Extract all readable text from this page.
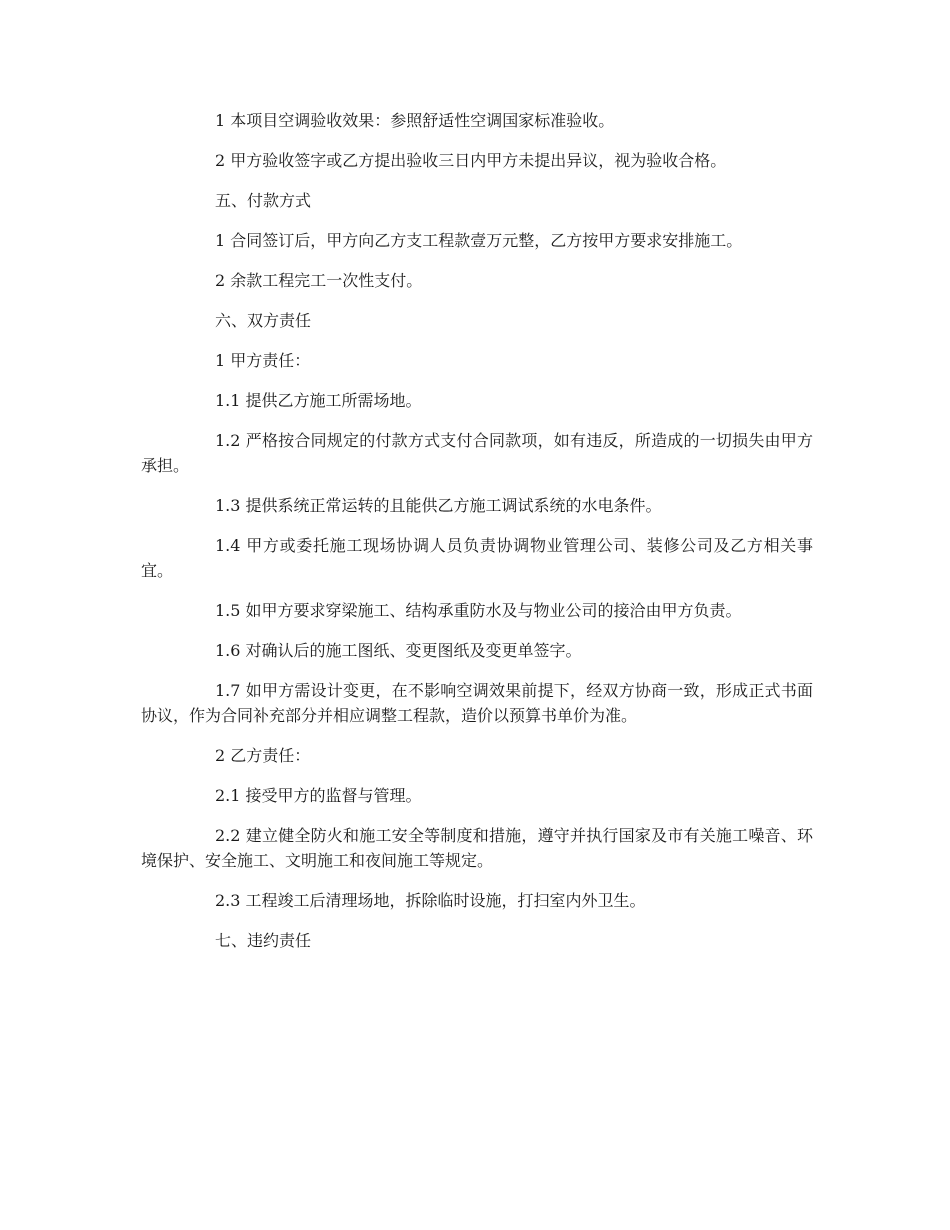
1 本项目空调验收效果：参照舒适性空调国家标准验收。

2 甲方验收签字或乙方提出验收三日内甲方未提出异议，视为验收合格。

五、付款方式

1 合同签订后，甲方向乙方支工程款壹万元整，乙方按甲方要求安排施工。

2 余款工程完工一次性支付。

六、双方责任

1 甲方责任：

1.1 提供乙方施工所需场地。

1.2 严格按合同规定的付款方式支付合同款项，如有违反，所造成的一切损失由甲方承担。

1.3 提供系统正常运转的且能供乙方施工调试系统的水电条件。

1.4 甲方或委托施工现场协调人员负责协调物业管理公司、装修公司及乙方相关事宜。

1.5 如甲方要求穿梁施工、结构承重防水及与物业公司的接洽由甲方负责。

1.6 对确认后的施工图纸、变更图纸及变更单签字。

1.7 如甲方需设计变更，在不影响空调效果前提下，经双方协商一致，形成正式书面协议，作为合同补充部分并相应调整工程款，造价以预算书单价为准。

2 乙方责任：

2.1 接受甲方的监督与管理。

2.2 建立健全防火和施工安全等制度和措施，遵守并执行国家及市有关施工噪音、环境保护、安全施工、文明施工和夜间施工等规定。

2.3 工程竣工后清理场地，拆除临时设施，打扫室内外卫生。

七、违约责任
